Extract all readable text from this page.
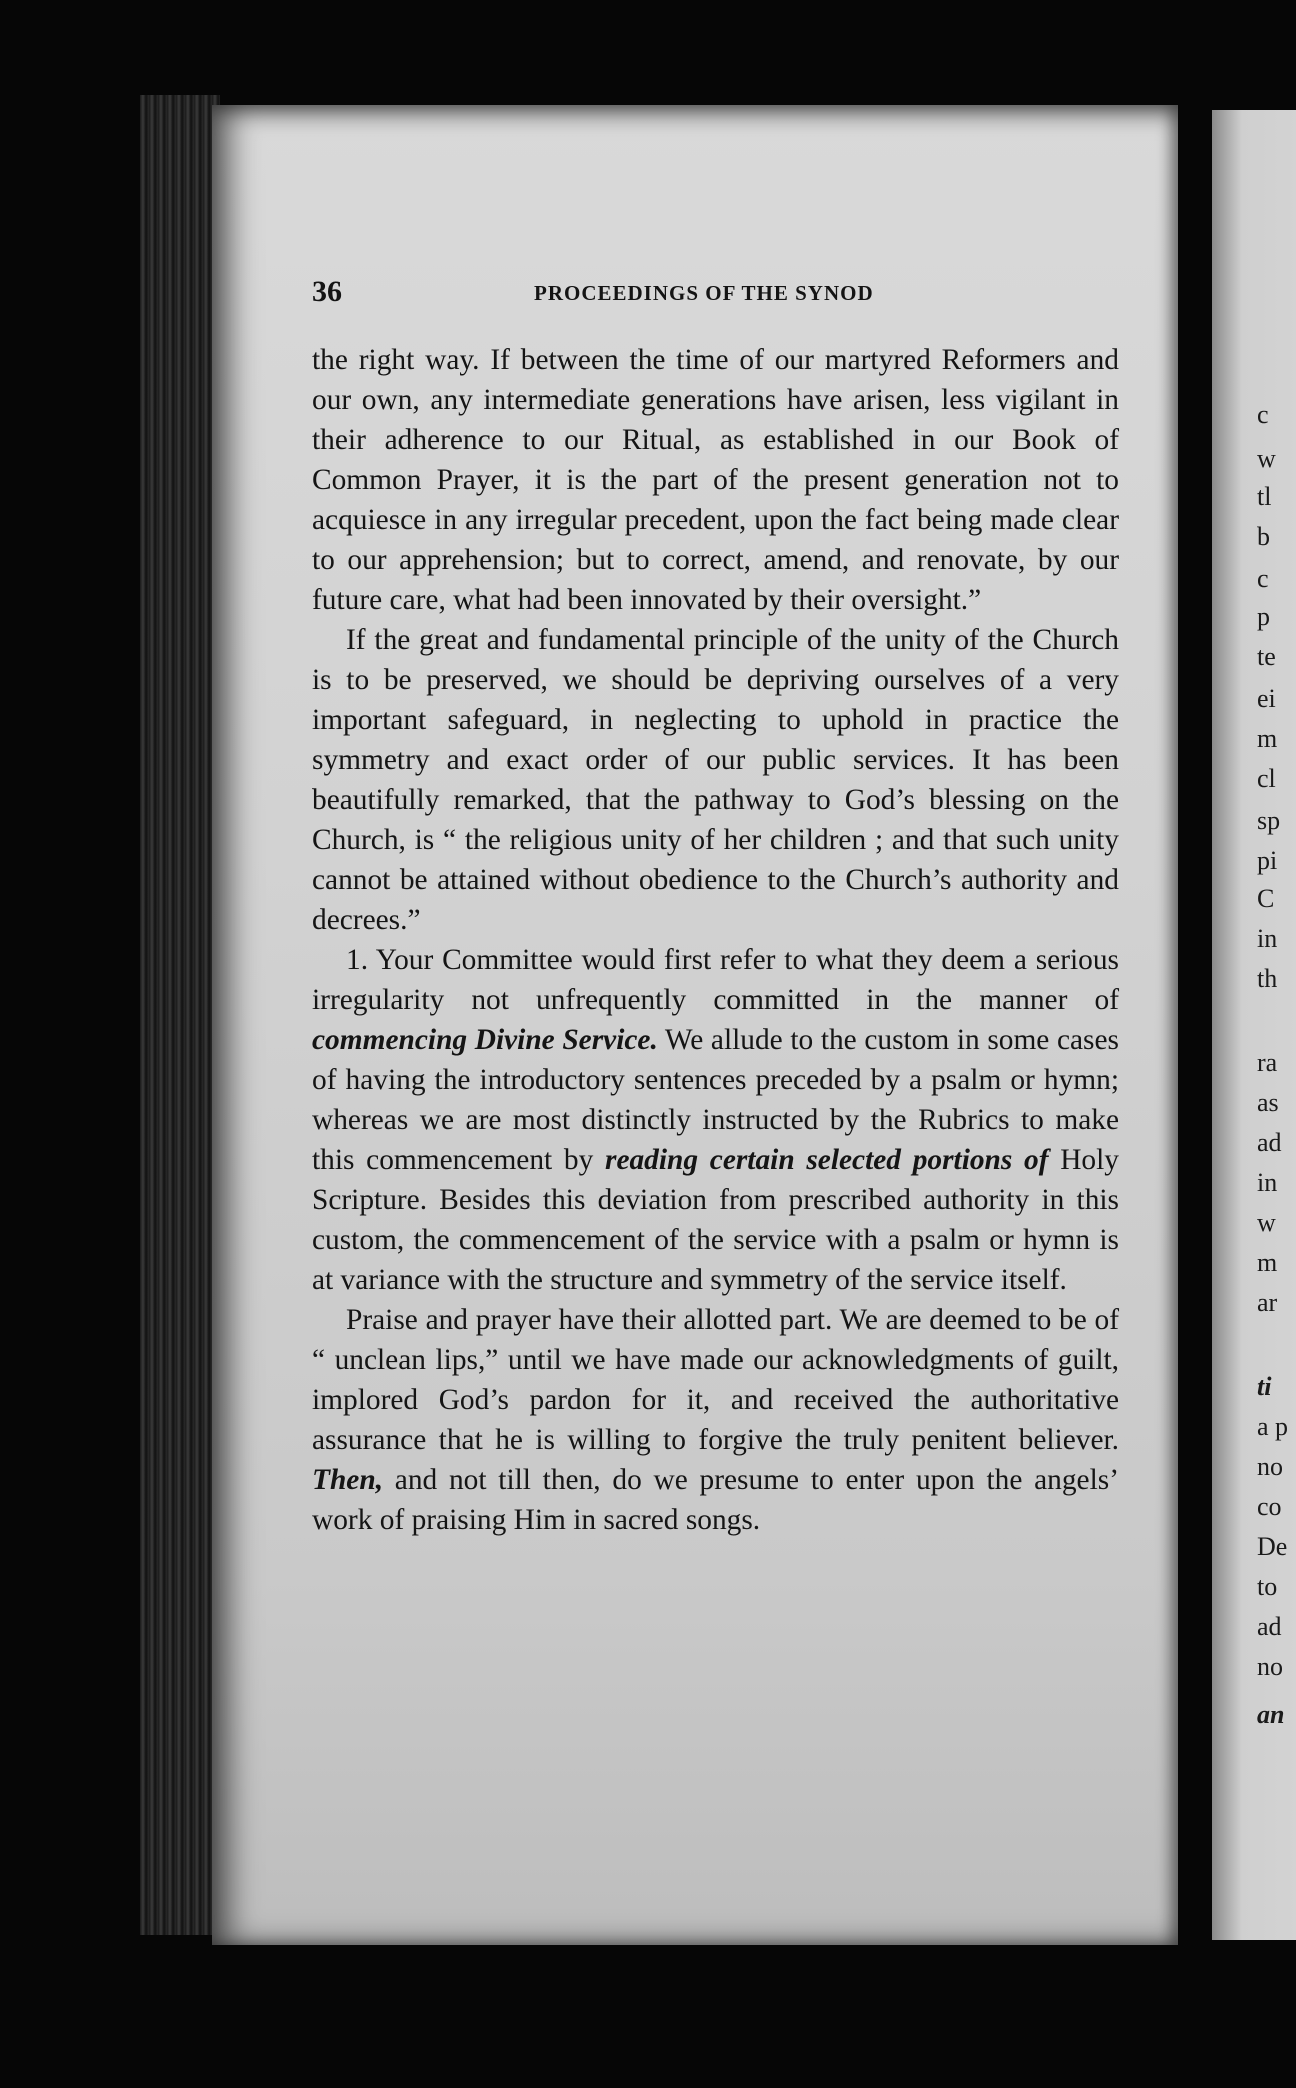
36	PROCEEDINGS OF THE SYNOD

the right way. If between the time of our martyred Reformers and our own, any intermediate generations have arisen, less vigilant in their adherence to our Ritual, as established in our Book of Common Prayer, it is the part of the present generation not to acquiesce in any irregular precedent, upon the fact being made clear to our apprehension; but to correct, amend, and renovate, by our future care, what had been innovated by their oversight.”

If the great and fundamental principle of the unity of the Church is to be preserved, we should be depriving ourselves of a very important safeguard, in neglecting to uphold in practice the symmetry and exact order of our public services. It has been beautifully remarked, that the pathway to God’s blessing on the Church, is “ the religious unity of her children ; and that such unity cannot be attained without obedience to the Church’s authority and decrees.”

1. Your Committee would first refer to what they deem a serious irregularity not unfrequently committed in the manner of commencing Divine Service. We allude to the custom in some cases of having the introductory sentences preceded by a psalm or hymn; whereas we are most distinctly instructed by the Rubrics to make this commencement by reading certain selected portions of Holy Scripture. Besides this deviation from prescribed authority in this custom, the commencement of the service with a psalm or hymn is at variance with the structure and symmetry of the service itself.

Praise and prayer have their allotted part. We are deemed to be of “ unclean lips,” until we have made our acknowledgments of guilt, implored God’s pardon for it, and received the authoritative assurance that he is willing to forgive the truly penitent believer. Then, and not till then, do we presume to enter upon the angels’ work of praising Him in sacred songs.

c
w
tl
b
c
p
te
ei
m
cl
sp
pi
C
in
th
ra
as
ad
in
w
m
ar
ti
a p
no
co
De
to
ad
no
an
